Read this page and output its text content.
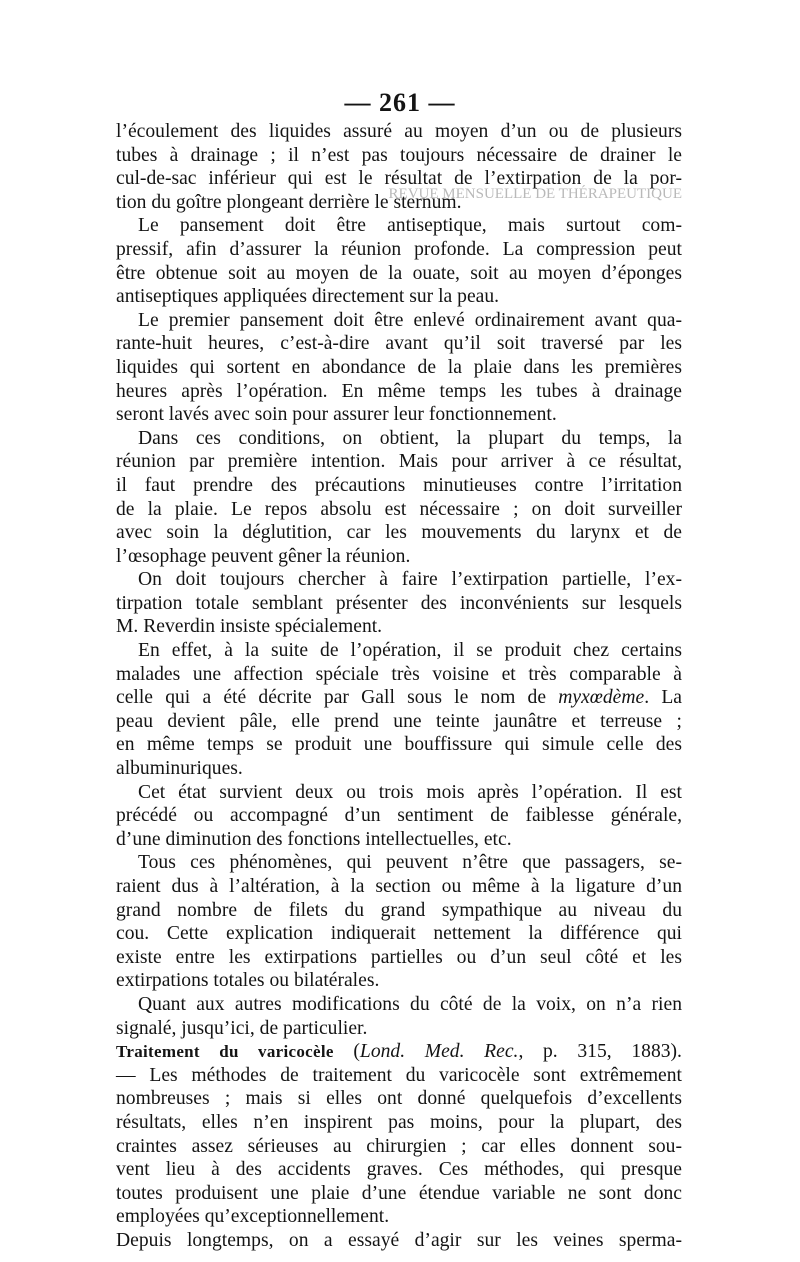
— 261 —
REVUE MENSUELLE DE THÉRAPEUTIQUE
l’écoulement des liquides assuré au moyen d’un ou de plusieurs
tubes à drainage ; il n’est pas toujours nécessaire de drainer le
cul-de-sac inférieur qui est le résultat de l’extirpation de la por-
tion du goître plongeant derrière le sternum.
Le pansement doit être antiseptique, mais surtout com-
pressif, afin d’assurer la réunion profonde. La compression peut
être obtenue soit au moyen de la ouate, soit au moyen d’éponges
antiseptiques appliquées directement sur la peau.
Le premier pansement doit être enlevé ordinairement avant qua-
rante-huit heures, c’est-à-dire avant qu’il soit traversé par les
liquides qui sortent en abondance de la plaie dans les premières
heures après l’opération. En même temps les tubes à drainage
seront lavés avec soin pour assurer leur fonctionnement.
Dans ces conditions, on obtient, la plupart du temps, la
réunion par première intention. Mais pour arriver à ce résultat,
il faut prendre des précautions minutieuses contre l’irritation
de la plaie. Le repos absolu est nécessaire ; on doit surveiller
avec soin la déglutition, car les mouvements du larynx et de
l’œsophage peuvent gêner la réunion.
On doit toujours chercher à faire l’extirpation partielle, l’ex-
tirpation totale semblant présenter des inconvénients sur lesquels
M. Reverdin insiste spécialement.
En effet, à la suite de l’opération, il se produit chez certains
malades une affection spéciale très voisine et très comparable à
celle qui a été décrite par Gall sous le nom de myxœdème. La
peau devient pâle, elle prend une teinte jaunâtre et terreuse ;
en même temps se produit une bouffissure qui simule celle des
albuminuriques.
Cet état survient deux ou trois mois après l’opération. Il est
précédé ou accompagné d’un sentiment de faiblesse générale,
d’une diminution des fonctions intellectuelles, etc.
Tous ces phénomènes, qui peuvent n’être que passagers, se-
raient dus à l’altération, à la section ou même à la ligature d’un
grand nombre de filets du grand sympathique au niveau du
cou. Cette explication indiquerait nettement la différence qui
existe entre les extirpations partielles ou d’un seul côté et les
extirpations totales ou bilatérales.
Quant aux autres modifications du côté de la voix, on n’a rien
signalé, jusqu’ici, de particulier.
Traitement du varicocèle (Lond. Med. Rec., p. 315, 1883).
— Les méthodes de traitement du varicocèle sont extrêmement
nombreuses ; mais si elles ont donné quelquefois d’excellents
résultats, elles n’en inspirent pas moins, pour la plupart, des
craintes assez sérieuses au chirurgien ; car elles donnent sou-
vent lieu à des accidents graves. Ces méthodes, qui presque
toutes produisent une plaie d’une étendue variable ne sont donc
employées qu’exceptionnellement.
Depuis longtemps, on a essayé d’agir sur les veines sperma-
